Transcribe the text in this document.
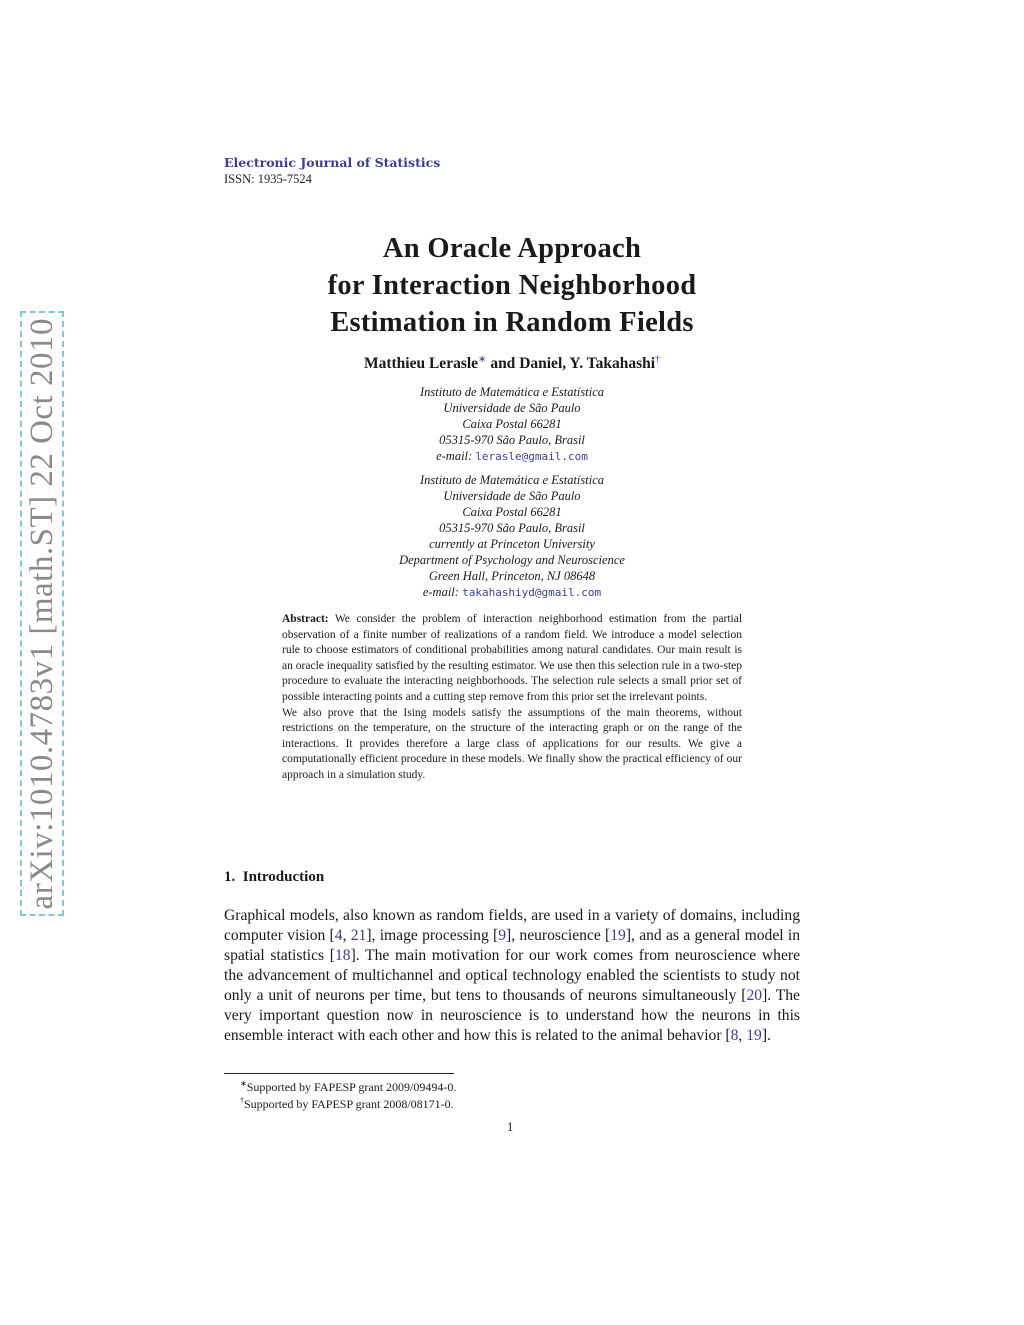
arXiv:1010.4783v1 [math.ST] 22 Oct 2010
Electronic Journal of Statistics
ISSN: 1935-7524
An Oracle Approach
for Interaction Neighborhood
Estimation in Random Fields
Matthieu Lerasle∗ and Daniel, Y. Takahashi†
Instituto de Matemática e Estatística
Universidade de São Paulo
Caixa Postal 66281
05315-970 São Paulo, Brasil
e-mail: lerasle@gmail.com
Instituto de Matemática e Estatística
Universidade de São Paulo
Caixa Postal 66281
05315-970 São Paulo, Brasil
currently at Princeton University
Department of Psychology and Neuroscience
Green Hall, Princeton, NJ 08648
e-mail: takahashiyd@gmail.com
Abstract: We consider the problem of interaction neighborhood estimation from the partial observation of a finite number of realizations of a random field. We introduce a model selection rule to choose estimators of conditional probabilities among natural candidates. Our main result is an oracle inequality satisfied by the resulting estimator. We use then this selection rule in a two-step procedure to evaluate the interacting neighborhoods. The selection rule selects a small prior set of possible interacting points and a cutting step remove from this prior set the irrelevant points.
We also prove that the Ising models satisfy the assumptions of the main theorems, without restrictions on the temperature, on the structure of the interacting graph or on the range of the interactions. It provides therefore a large class of applications for our results. We give a computationally efficient procedure in these models. We finally show the practical efficiency of our approach in a simulation study.
1. Introduction
Graphical models, also known as random fields, are used in a variety of domains, including computer vision [4, 21], image processing [9], neuroscience [19], and as a general model in spatial statistics [18]. The main motivation for our work comes from neuroscience where the advancement of multichannel and optical technology enabled the scientists to study not only a unit of neurons per time, but tens to thousands of neurons simultaneously [20]. The very important question now in neuroscience is to understand how the neurons in this ensemble interact with each other and how this is related to the animal behavior [8, 19].
∗Supported by FAPESP grant 2009/09494-0.
†Supported by FAPESP grant 2008/08171-0.
1
